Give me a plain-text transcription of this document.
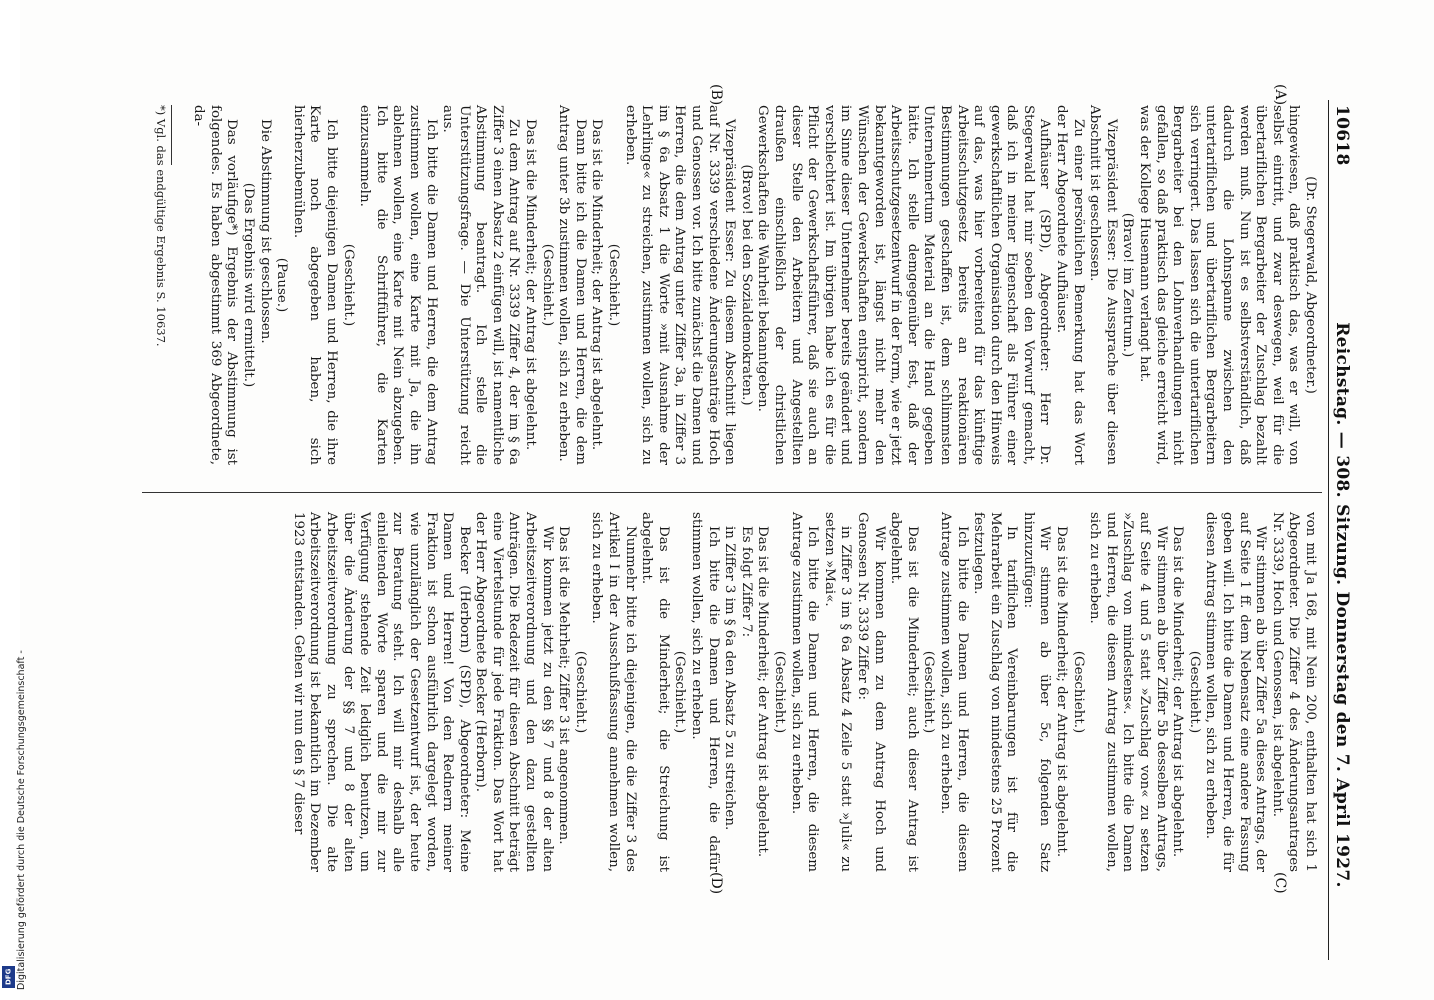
10618
Reichstag. — 308. Sitzung. Donnerstag den 7. April 1927.

(Dr. Stegerwald, Abgeordneter.)

hingewiesen, daß praktisch das, was er will, von selbst eintritt, und zwar deswegen, weil für die übertariflichen Bergarbeiter der Zuschlag bezahlt werden muß. Nun ist es selbstverständlich, daß dadurch die Lohnspanne zwischen den untertariflichen und übertariflichen Bergarbeitern sich verringert. Das lassen sich die untertariflichen Bergarbeiter bei den Lohnverhandlungen nicht gefallen, so daß praktisch das gleiche erreicht wird, was der Kollege Husemann verlangt hat.

(Bravo! im Zentrum.)

Vizepräsident Esser: Die Aussprache über diesen Abschnitt ist geschlossen.

Zu einer persönlichen Bemerkung hat das Wort der Herr Abgeordnete Aufhäuser.

Aufhäuser (SPD), Abgeordneter: Herr Dr. Stegerwald hat mir soeben den Vorwurf gemacht, daß ich in meiner Eigenschaft als Führer einer gewerkschaftlichen Organisation durch den Hinweis auf das, was hier vorbereitend für das künftige Arbeitsschutzgesetz bereits an reaktionären Bestimmungen geschaffen ist, dem schlimmsten Unternehmertum Material an die Hand gegeben hätte. Ich stelle demgegenüber fest, daß der Arbeitsschutzgesetzentwurf in der Form, wie er jetzt bekanntgeworden ist, längst nicht mehr den Wünschen der Gewerkschaften entspricht, sondern im Sinne dieser Unternehmer bereits geändert und verschlechtert ist. Im übrigen habe ich es für die Pflicht der Gewerkschaftsführer, daß sie auch an dieser Stelle den Arbeitern und Angestellten draußen einschließlich der christlichen Gewerkschaften die Wahrheit bekanntgeben.

(Bravo! bei den Sozialdemokraten.)

Vizepräsident Esser: Zu diesem Abschnitt liegen auf Nr. 3339 verschiedene Änderungsanträge Hoch und Genossen vor. Ich bitte zunächst die Damen und Herren, die dem Antrag unter Ziffer 3a, in Ziffer 3 im § 6a Absatz 1 die Worte »mit Ausnahme der Lehrlinge« zu streichen, zustimmen wollen, sich zu erheben.

(Geschieht.)

Das ist die Minderheit; der Antrag ist abgelehnt.

Dann bitte ich die Damen und Herren, die dem Antrag unter 3b zustimmen wollen, sich zu erheben.

(Geschieht.)

Das ist die Minderheit; der Antrag ist abgelehnt.

Zu dem Antrag auf Nr. 3339 Ziffer 4, der im § 6a Ziffer 3 einen Absatz 2 einfügen will, ist namentliche Abstimmung beantragt. Ich stelle die Unterstützungsfrage. — Die Unterstützung reicht aus.

Ich bitte die Damen und Herren, die dem Antrag zustimmen wollen, eine Karte mit Ja, die ihn ablehnen wollen, eine Karte mit Nein abzugeben. Ich bitte die Schriftführer, die Karten einzusammeln.

(Geschieht.)

Ich bitte diejenigen Damen und Herren, die ihre Karte noch abgegeben haben, sich hierherzubemühen.

(Pause.)

Die Abstimmung ist geschlossen.

(Das Ergebnis wird ermittelt.)

Das vorläufige*) Ergebnis der Abstimmung ist folgendes. Es haben abgestimmt 369 Abgeordnete, da-

von mit Ja 168, mit Nein 200, enthalten hat sich 1 Abgeordneter. Die Ziffer 4 des Änderungsantrages Nr. 3339, Hoch und Genossen, ist abgelehnt.

Wir stimmen ab über Ziffer 5a dieses Antrags, der auf Seite 1 ff. dem Nebensatz eine andere Fassung geben will. Ich bitte die Damen und Herren, die für diesen Antrag stimmen wollen, sich zu erheben.

(Geschieht.)

Das ist die Minderheit; der Antrag ist abgelehnt.

Wir stimmen ab über Ziffer 5b desselben Antrags, auf Seite 4 und 5 statt »Zuschlag von« zu setzen »Zuschlag von mindestens«. Ich bitte die Damen und Herren, die diesem Antrag zustimmen wollen, sich zu erheben.

(Geschieht.)

Das ist die Minderheit; der Antrag ist abgelehnt.

Wir stimmen ab über 5c, folgenden Satz hinzuzufügen:

In tariflichen Vereinbarungen ist für die Mehrarbeit ein Zuschlag von mindestens 25 Prozent festzulegen.

Ich bitte die Damen und Herren, die diesem Antrage zustimmen wollen, sich zu erheben.

(Geschieht.)

Das ist die Minderheit; auch dieser Antrag ist abgelehnt.

Wir kommen dann zu dem Antrag Hoch und Genossen Nr. 3339 Ziffer 6:

in Ziffer 3 im § 6a Absatz 4 Zeile 5 statt »Juli« zu setzen »Mai«.

Ich bitte die Damen und Herren, die diesem Antrage zustimmen wollen, sich zu erheben.

(Geschieht.)

Das ist die Minderheit; der Antrag ist abgelehnt.

Es folgt Ziffer 7:

in Ziffer 3 im § 6a den Absatz 5 zu streichen.

Ich bitte die Damen und Herren, die dafür stimmen wollen, sich zu erheben.

(Geschieht.)

Das ist die Minderheit; die Streichung ist abgelehnt.

Nunmehr bitte ich diejenigen, die die Ziffer 3 des Artikel I in der Ausschußfassung annehmen wollen, sich zu erheben.

(Geschieht.)

Das ist die Mehrheit; Ziffer 3 ist angenommen.

Wir kommen jetzt zu den §§ 7 und 8 der alten Arbeitszeitverordnung und den dazu gestellten Anträgen. Die Redezeit für diesen Abschnitt beträgt eine Viertelstunde für jede Fraktion. Das Wort hat der Herr Abgeordnete Becker (Herborn).

Becker (Herborn) (SPD), Abgeordneter: Meine Damen und Herren! Von den Rednern meiner Fraktion ist schon ausführlich dargelegt worden, wie unzulänglich der Gesetzentwurf ist, der heute zur Beratung steht. Ich will mir deshalb alle einleitenden Worte sparen und die mir zur Verfügung stehende Zeit lediglich benutzen, um über die Änderung der §§ 7 und 8 der alten Arbeitszeitverordnung zu sprechen. Die alte Arbeitszeitverordnung ist bekanntlich im Dezember 1923 entstanden. Gehen wir nun den § 7 dieser

(A)
(B)
(C)
(D)
*) Vgl. das endgültige Ergebnis S. 10637.
DFG Digitalisierung gefördert durch die Deutsche Forschungsgemeinschaft -
